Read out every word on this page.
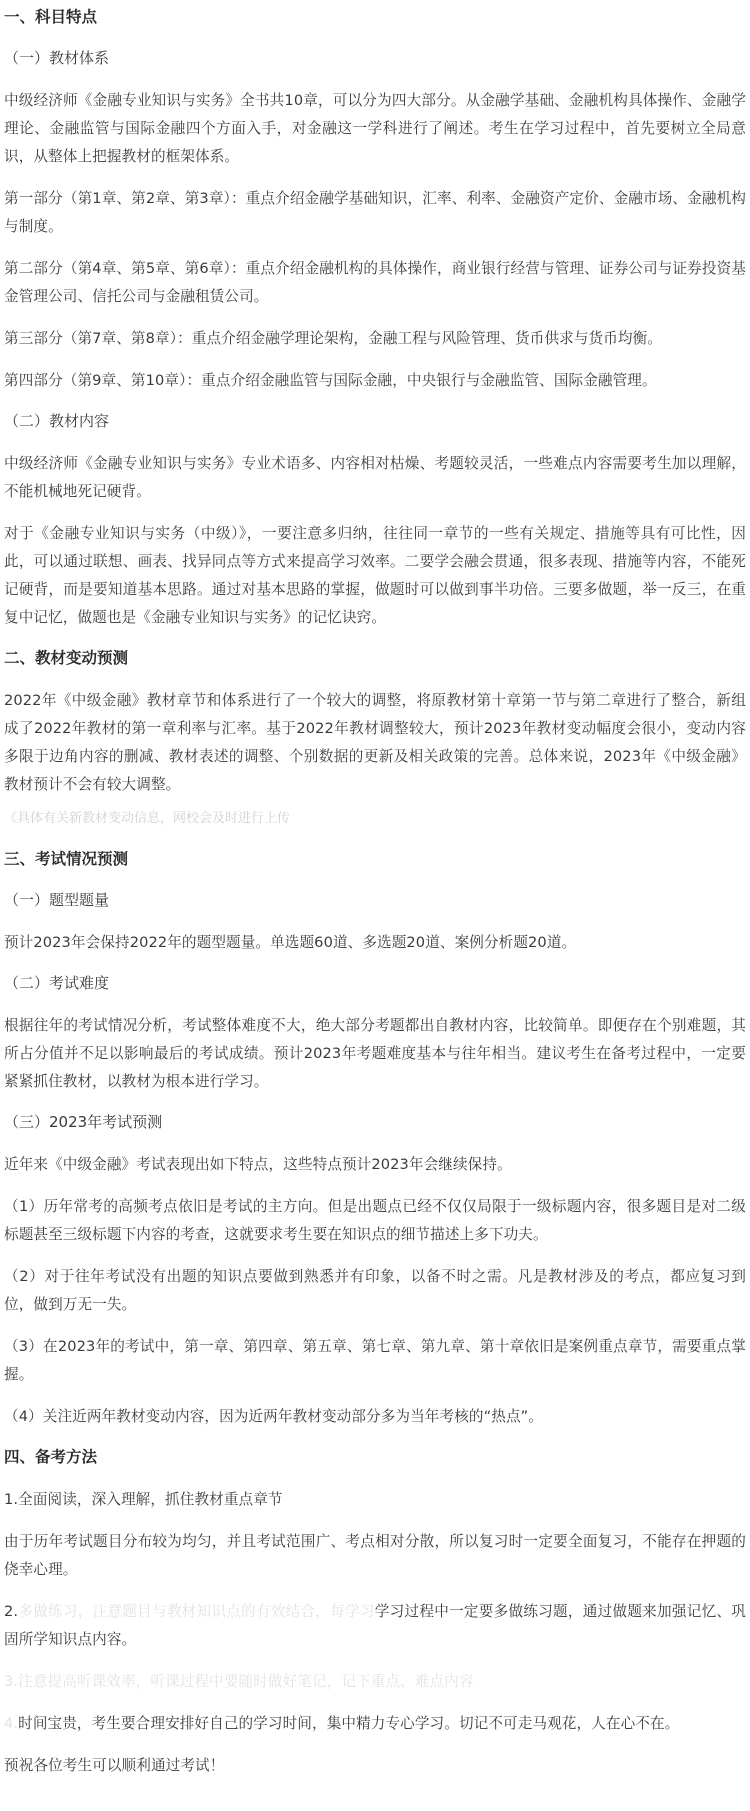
一、科目特点
（一）教材体系
中级经济师《金融专业知识与实务》全书共10章，可以分为四大部分。从金融学基础、金融机构具体操作、金融学理论、金融监管与国际金融四个方面入手，对金融这一学科进行了阐述。考生在学习过程中，首先要树立全局意识，从整体上把握教材的框架体系。
第一部分（第1章、第2章、第3章）：重点介绍金融学基础知识，汇率、利率、金融资产定价、金融市场、金融机构与制度。
第二部分（第4章、第5章、第6章）：重点介绍金融机构的具体操作，商业银行经营与管理、证券公司与证券投资基金管理公司、信托公司与金融租赁公司。
第三部分（第7章、第8章）：重点介绍金融学理论架构，金融工程与风险管理、货币供求与货币均衡。
第四部分（第9章、第10章）：重点介绍金融监管与国际金融，中央银行与金融监管、国际金融管理。
（二）教材内容
中级经济师《金融专业知识与实务》专业术语多、内容相对枯燥、考题较灵活，一些难点内容需要考生加以理解，不能机械地死记硬背。
对于《金融专业知识与实务（中级）》，一要注意多归纳，往往同一章节的一些有关规定、措施等具有可比性，因此，可以通过联想、画表、找异同点等方式来提高学习效率。二要学会融会贯通，很多表现、措施等内容，不能死记硬背，而是要知道基本思路。通过对基本思路的掌握，做题时可以做到事半功倍。三要多做题，举一反三，在重复中记忆，做题也是《金融专业知识与实务》的记忆诀窍。
二、教材变动预测
2022年《中级金融》教材章节和体系进行了一个较大的调整，将原教材第十章第一节与第二章进行了整合，新组成了2022年教材的第一章利率与汇率。基于2022年教材调整较大，预计2023年教材变动幅度会很小，变动内容多限于边角内容的删减、教材表述的调整、个别数据的更新及相关政策的完善。总体来说，2023年《中级金融》教材预计不会有较大调整。
《具体有关新教材变动信息，网校会及时进行上传
三、考试情况预测
（一）题型题量
预计2023年会保持2022年的题型题量。单选题60道、多选题20道、案例分析题20道。
（二）考试难度
根据往年的考试情况分析，考试整体难度不大，绝大部分考题都出自教材内容，比较简单。即便存在个别难题，其所占分值并不足以影响最后的考试成绩。预计2023年考题难度基本与往年相当。建议考生在备考过程中，一定要紧紧抓住教材，以教材为根本进行学习。
（三）2023年考试预测
近年来《中级金融》考试表现出如下特点，这些特点预计2023年会继续保持。
（1）历年常考的高频考点依旧是考试的主方向。但是出题点已经不仅仅局限于一级标题内容，很多题目是对二级标题甚至三级标题下内容的考查，这就要求考生要在知识点的细节描述上多下功夫。
（2）对于往年考试没有出题的知识点要做到熟悉并有印象，以备不时之需。凡是教材涉及的考点，都应复习到位，做到万无一失。
（3）在2023年的考试中，第一章、第四章、第五章、第七章、第九章、第十章依旧是案例重点章节，需要重点掌握。
（4）关注近两年教材变动内容，因为近两年教材变动部分多为当年考核的“热点”。
四、备考方法
1.全面阅读，深入理解，抓住教材重点章节
由于历年考试题目分布较为均匀，并且考试范围广、考点相对分散，所以复习时一定要全面复习，不能存在押题的侥幸心理。
2.多做练习，注意题目与教材知识点的有效结合，每学习学习过程中一定要多做练习题，通过做题来加强记忆、巩固所学知识点内容。
3.注意提高听课效率，听课过程中要随时做好笔记，记下重点、难点内容
4.时间宝贵，考生要合理安排好自己的学习时间，集中精力专心学习。切记不可走马观花，人在心不在。
预祝各位考生可以顺利通过考试！
